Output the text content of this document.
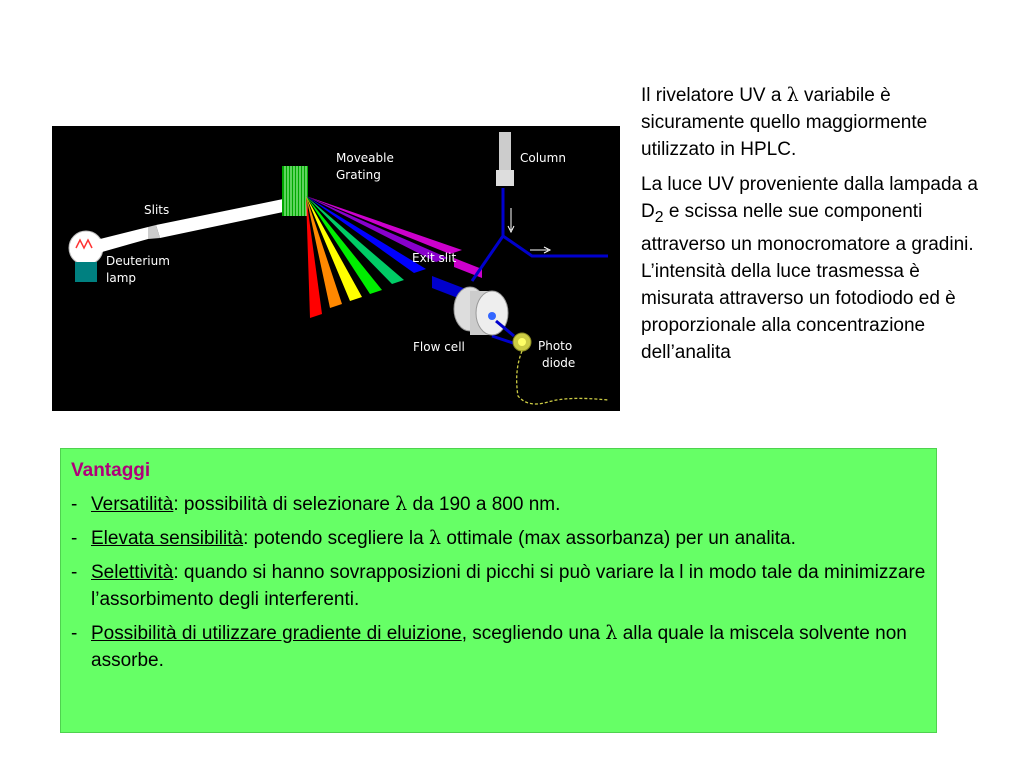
Column
Moveable
Grating
Slits
Deuterium
lamp
Exit slit
Flow cell	Photo
diode

Il rivelatore UV a λ variabile è sicuramente quello maggiormente utilizzato in HPLC.

La luce UV proveniente dalla lampada a $D_2$ e scissa nelle sue componenti attraverso un monocromatore a gradini. L’intensità della luce trasmessa è misurata attraverso un fotodiodo ed è proporzionale alla concentrazione dell’analita

Vantaggi
- Versatilità: possibilità di selezionare λ da 190 a 800 nm.
- Elevata sensibilità: potendo scegliere la λ ottimale (max assorbanza) per un analita.
- Selettività: quando si hanno sovrapposizioni di picchi si può variare la l in modo tale da minimizzare l’assorbimento degli interferenti.
- Possibilità di utilizzare gradiente di eluizione, scegliendo una λ alla quale la miscela solvente non assorbe.
